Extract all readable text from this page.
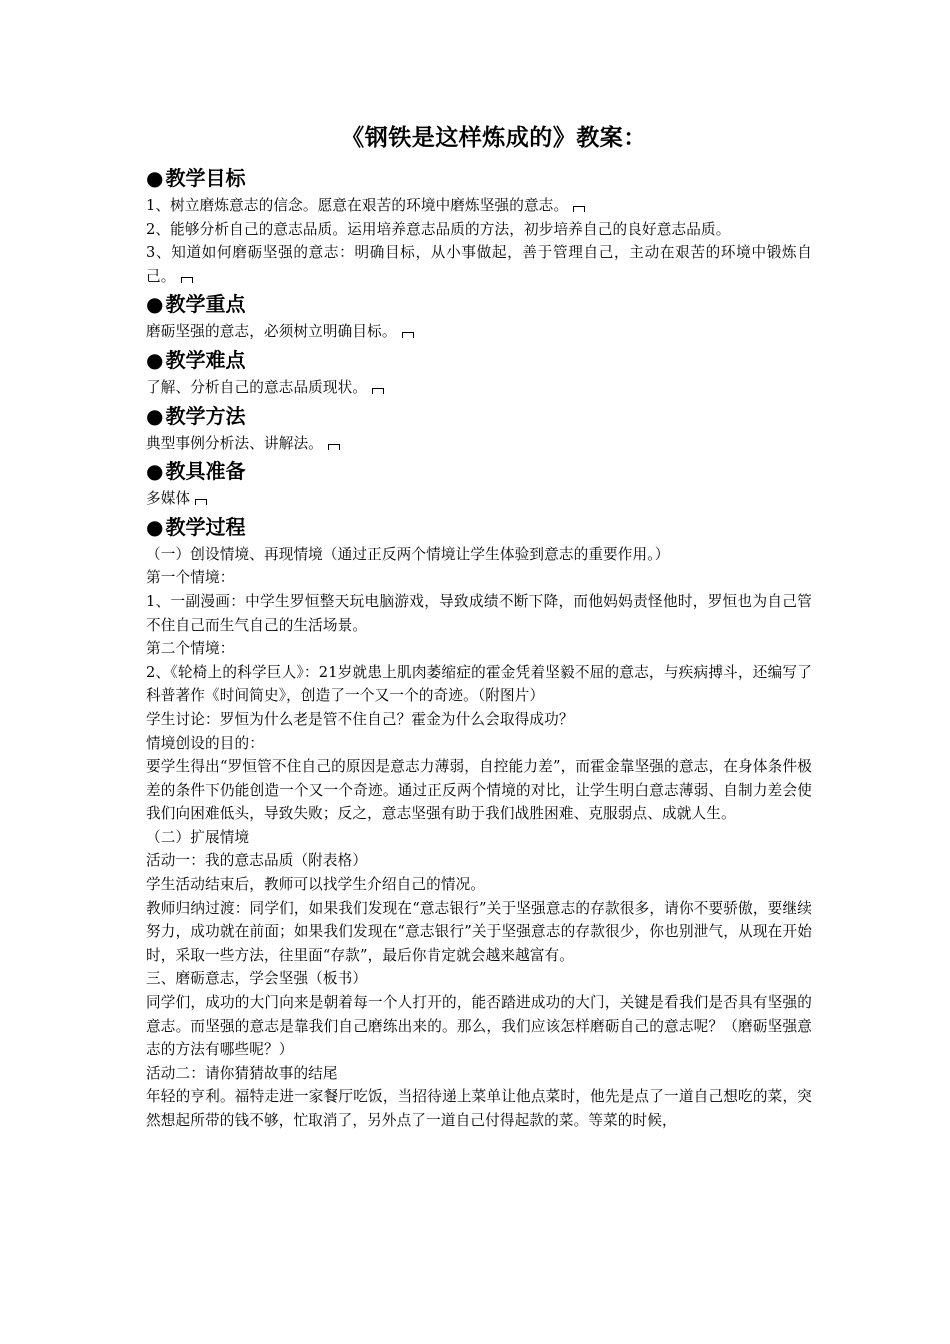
《钢铁是这样炼成的》教案：
● 教学目标

1、树立磨炼意志的信念。愿意在艰苦的环境中磨炼坚强的意志。

2、能够分析自己的意志品质。运用培养意志品质的方法，初步培养自己的良好意志品质。

3、知道如何磨砺坚强的意志：明确目标，从小事做起，善于管理自己，主动在艰苦的环境中锻炼自己。

● 教学重点

磨砺坚强的意志，必须树立明确目标。

● 教学难点

了解、分析自己的意志品质现状。

● 教学方法

典型事例分析法、讲解法。

● 教具准备

多媒体

● 教学过程

（一）创设情境、再现情境（通过正反两个情境让学生体验到意志的重要作用。）

第一个情境：

1、一副漫画：中学生罗恒整天玩电脑游戏，导致成绩不断下降，而他妈妈责怪他时，罗恒也为自己管不住自己而生气自己的生活场景。

第二个情境：

2、《轮椅上的科学巨人》：21岁就患上肌肉萎缩症的霍金凭着坚毅不屈的意志，与疾病搏斗，还编写了科普著作《时间简史》，创造了一个又一个的奇迹。（附图片）

学生讨论：罗恒为什么老是管不住自己？霍金为什么会取得成功？

情境创设的目的：

要学生得出“罗恒管不住自己的原因是意志力薄弱，自控能力差”，而霍金靠坚强的意志，在身体条件极差的条件下仍能创造一个又一个奇迹。通过正反两个情境的对比，让学生明白意志薄弱、自制力差会使我们向困难低头，导致失败；反之，意志坚强有助于我们战胜困难、克服弱点、成就人生。

（二）扩展情境

活动一：我的意志品质（附表格）

学生活动结束后，教师可以找学生介绍自己的情况。

教师归纳过渡：同学们，如果我们发现在“意志银行”关于坚强意志的存款很多，请你不要骄傲，要继续努力，成功就在前面；如果我们发现在“意志银行”关于坚强意志的存款很少，你也别泄气，从现在开始时，采取一些方法，往里面“存款”，最后你肯定就会越来越富有。

三、磨砺意志，学会坚强（板书）

同学们，成功的大门向来是朝着每一个人打开的，能否踏进成功的大门，关键是看我们是否具有坚强的意志。而坚强的意志是靠我们自己磨练出来的。那么，我们应该怎样磨砺自己的意志呢？（磨砺坚强意志的方法有哪些呢？）

活动二：请你猜猜故事的结尾

年轻的亨利。福特走进一家餐厅吃饭，当招待递上菜单让他点菜时，他先是点了一道自己想吃的菜，突然想起所带的钱不够，忙取消了，另外点了一道自己付得起款的菜。等菜的时候，
